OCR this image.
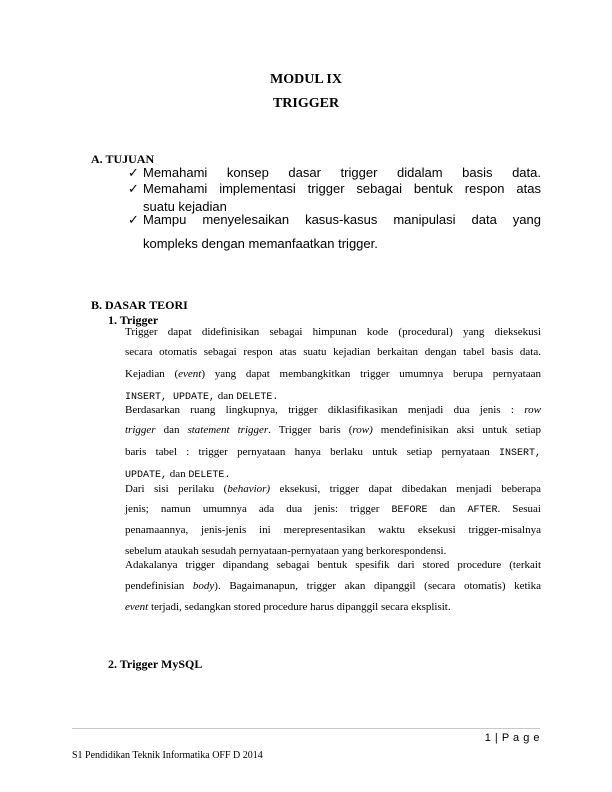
MODUL IX
TRIGGER
A. TUJUAN
✓ Memahami konsep dasar trigger didalam basis data.
✓ Memahami implementasi trigger sebagai bentuk respon atas
suatu kejadian
✓ Mampu menyelesaikan kasus-kasus manipulasi data yang
kompleks dengan memanfaatkan trigger.
B. DASAR TEORI
1. Trigger
Trigger dapat didefinisikan sebagai himpunan kode (procedural) yang dieksekusi
secara otomatis sebagai respon atas suatu kejadian berkaitan dengan tabel basis data.
Kejadian (event) yang dapat membangkitkan trigger umumnya berupa pernyataan
INSERT, UPDATE, dan DELETE.
Berdasarkan ruang lingkupnya, trigger diklasifikasikan menjadi dua jenis : row
trigger dan statement trigger. Trigger baris (row) mendefinisikan aksi untuk setiap
baris tabel : trigger pernyataan hanya berlaku untuk setiap pernyataan INSERT,
UPDATE, dan DELETE.
Dari sisi perilaku (behavior) eksekusi, trigger dapat dibedakan menjadi beberapa
jenis; namun umumnya ada dua jenis: trigger BEFORE dan AFTER. Sesuai
penamaannya, jenis-jenis ini merepresentasikan waktu eksekusi trigger-misalnya
sebelum ataukah sesudah pernyataan-pernyataan yang berkorespondensi.
Adakalanya trigger dipandang sebagai bentuk spesifik dari stored procedure (terkait
pendefinisian body). Bagaimanapun, trigger akan dipanggil (secara otomatis) ketika
event terjadi, sedangkan stored procedure harus dipanggil secara eksplisit.
2. Trigger MySQL
1 | P a g e
S1 Pendidikan Teknik Informatika OFF D 2014
